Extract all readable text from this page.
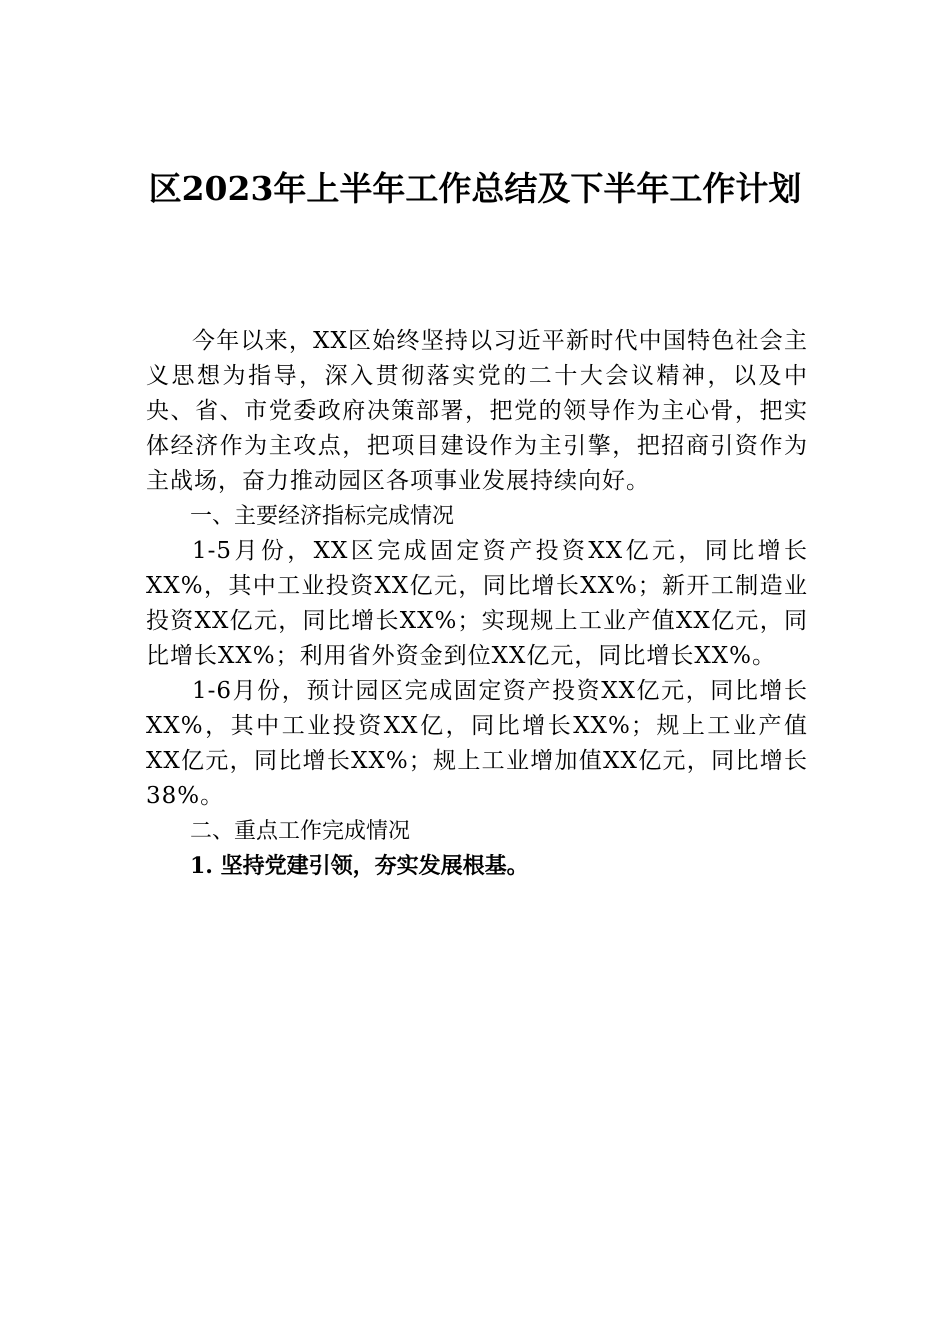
区2023年上半年工作总结及下半年工作计划

今年以来，XX区始终坚持以习近平新时代中国特色社会主义思想为指导，深入贯彻落实党的二十大会议精神，以及中央、省、市党委政府决策部署，把党的领导作为主心骨，把实体经济作为主攻点，把项目建设作为主引擎，把招商引资作为主战场，奋力推动园区各项事业发展持续向好。

一、主要经济指标完成情况

1-5月份，XX区完成固定资产投资XX亿元，同比增长XX%，其中工业投资XX亿元，同比增长XX%；新开工制造业投资XX亿元，同比增长XX%；实现规上工业产值XX亿元，同比增长XX%；利用省外资金到位XX亿元，同比增长XX%。

1-6月份，预计园区完成固定资产投资XX亿元，同比增长XX%，其中工业投资XX亿，同比增长XX%；规上工业产值XX亿元，同比增长XX%；规上工业增加值XX亿元，同比增长38%。

二、重点工作完成情况

1. 坚持党建引领，夯实发展根基。
